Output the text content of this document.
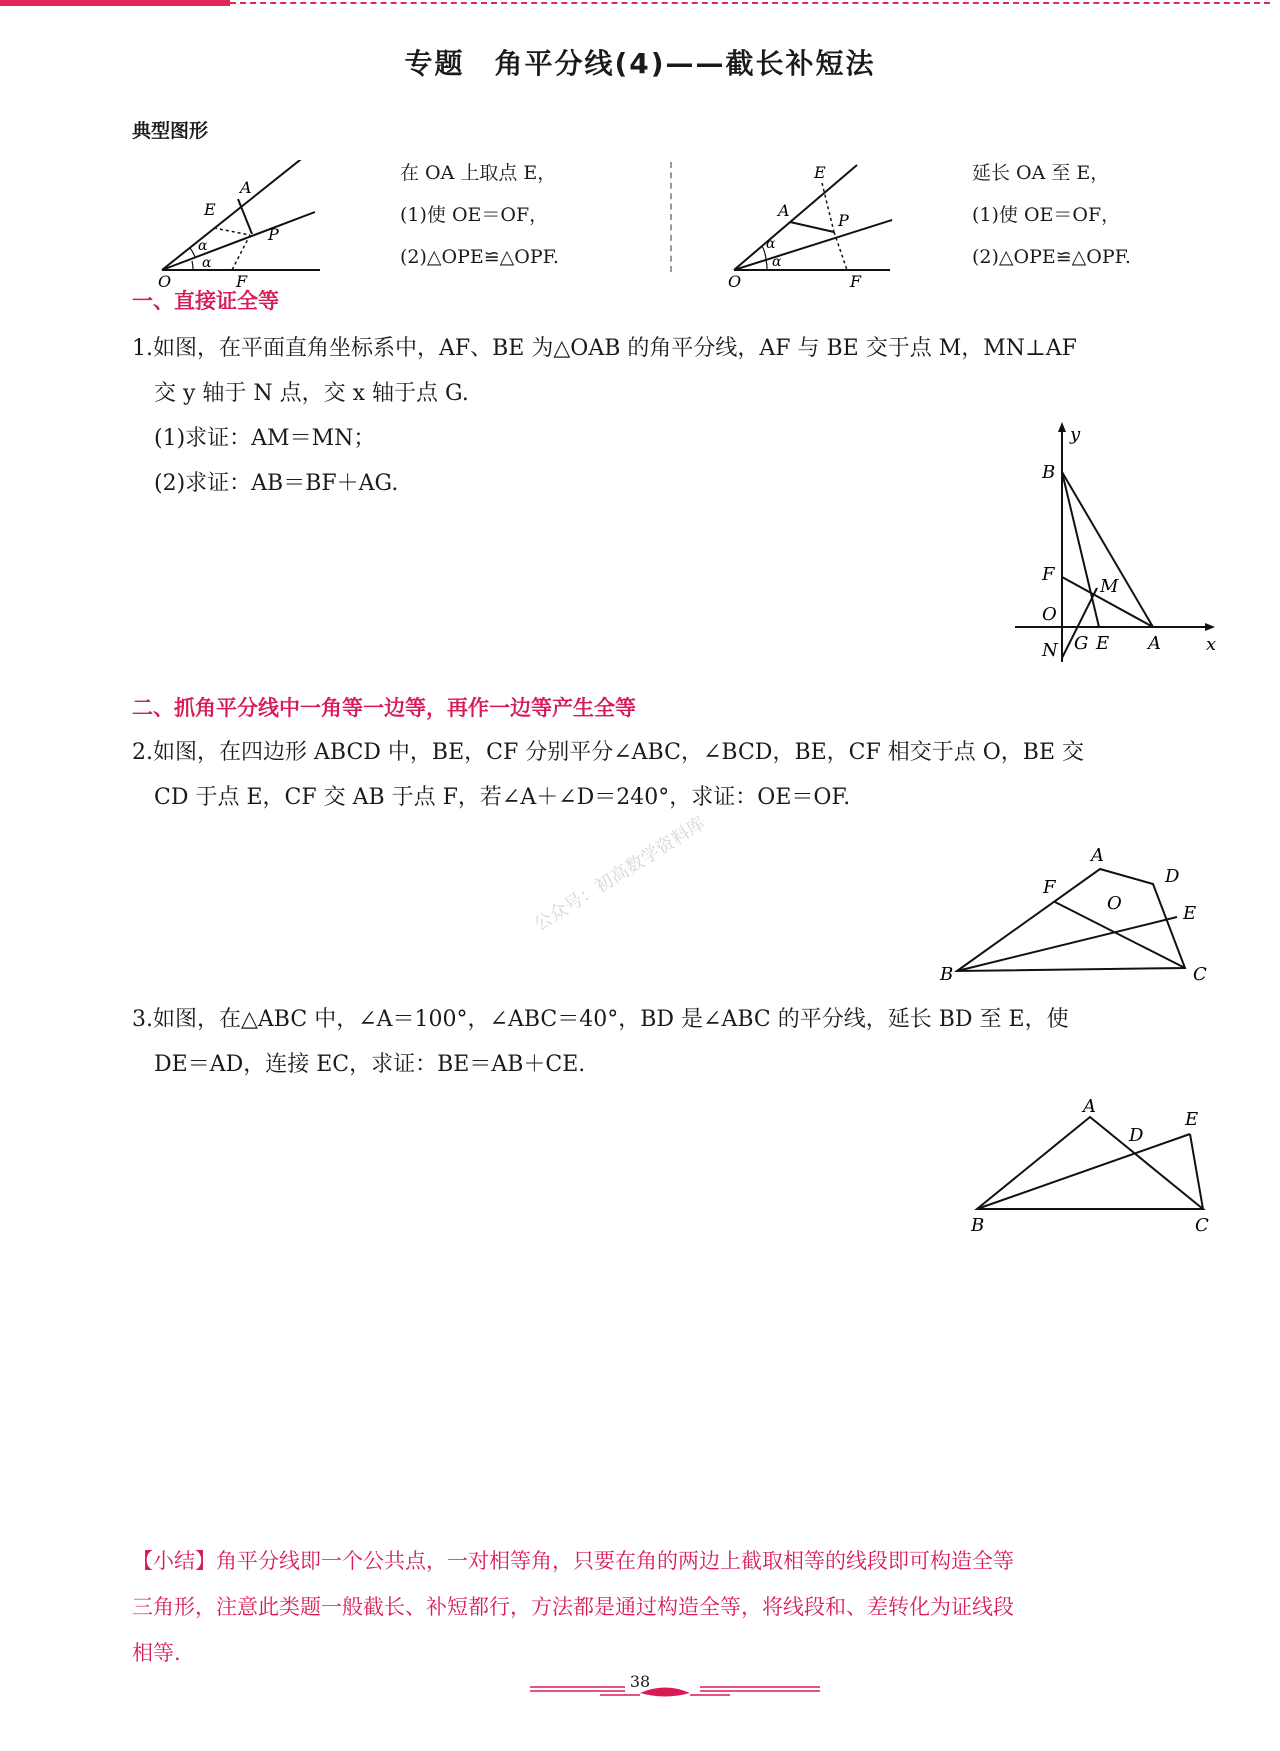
专题　角平分线(4)——截长补短法
典型图形
A
E
P
O	F
α
α
在 OA 上取点 E，
(1)使 OE＝OF，
(2)△OPE≌△OPF.
E
A
P
O	F
α
α
延长 OA 至 E，
(1)使 OE＝OF，
(2)△OPE≌△OPF.
一、直接证全等
1.如图，在平面直角坐标系中，AF、BE 为△OAB 的角平分线，AF 与 BE 交于点 M，MN⊥AF
交 y 轴于 N 点，交 x 轴于点 G.
(1)求证：AM＝MN；
(2)求证：AB＝BF＋AG.
y
x
B
F
M
O
N G E A
二、抓角平分线中一角等一边等，再作一边等产生全等
2.如图，在四边形 ABCD 中，BE，CF 分别平分∠ABC，∠BCD，BE，CF 相交于点 O，BE 交
CD 于点 E，CF 交 AB 于点 F，若∠A＋∠D＝240°，求证：OE＝OF.
公众号：初高数学资料库	A
D
F
O	E
B	C
3.如图，在△ABC 中，∠A＝100°，∠ABC＝40°，BD 是∠ABC 的平分线，延长 BD 至 E，使
DE＝AD，连接 EC，求证：BE＝AB＋CE.
A
D
E
B	C
【小结】角平分线即一个公共点，一对相等角，只要在角的两边上截取相等的线段即可构造全等
三角形，注意此类题一般截长、补短都行，方法都是通过构造全等，将线段和、差转化为证线段
相等.
38
